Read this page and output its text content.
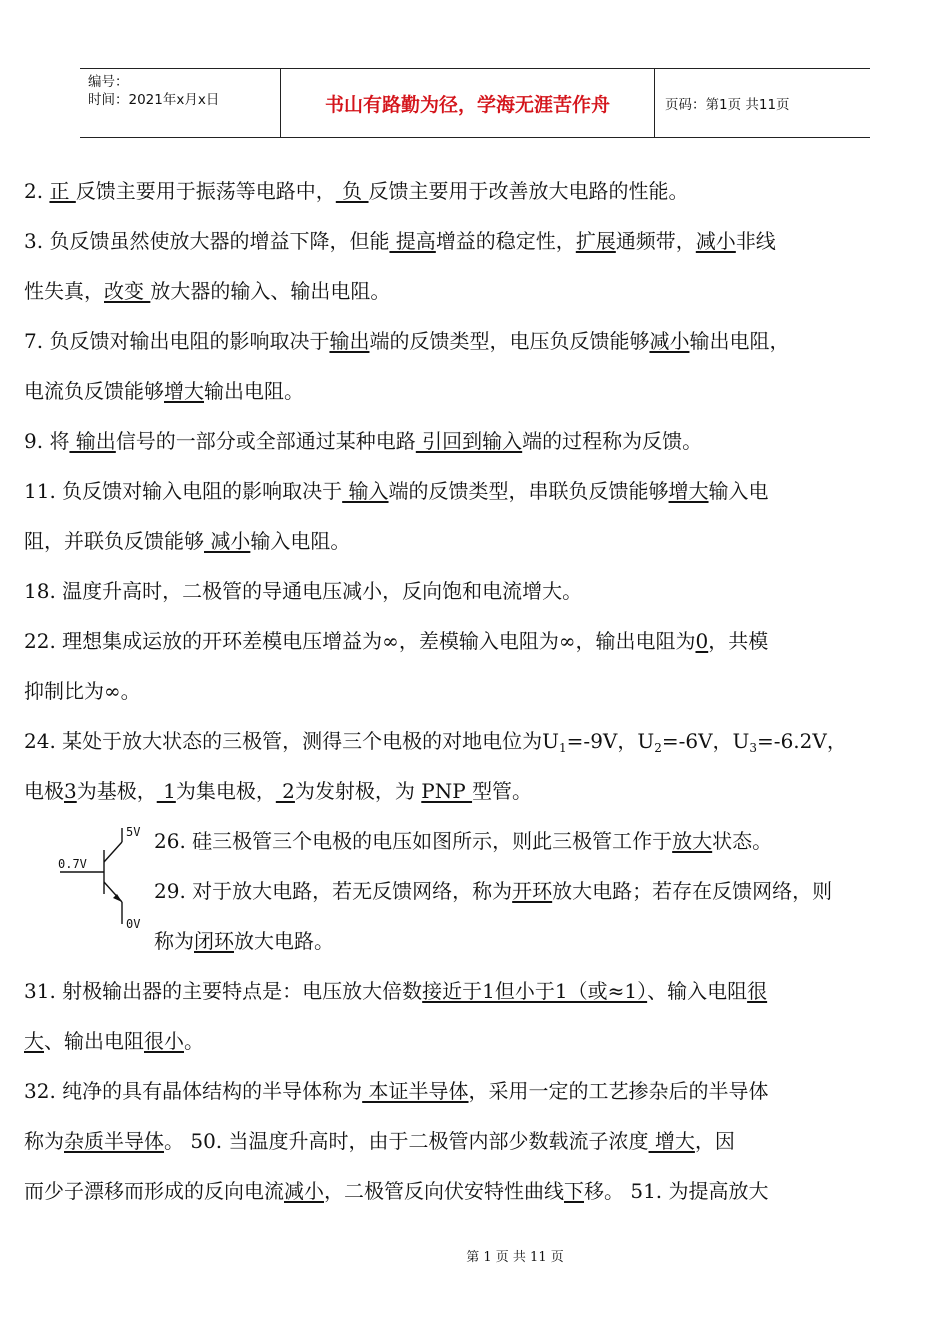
编号：
时间：2021年x月x日	书山有路勤为径，学海无涯苦作舟	页码：第1页 共11页
2. 正 反馈主要用于振荡等电路中， 负 反馈主要用于改善放大电路的性能。
3. 负反馈虽然使放大器的增益下降，但能 提高增益的稳定性，扩展通频带，减小非线
性失真，改变 放大器的输入、输出电阻。
7. 负反馈对输出电阻的影响取决于输出端的反馈类型，电压负反馈能够减小输出电阻，
电流负反馈能够增大输出电阻。
9. 将 输出信号的一部分或全部通过某种电路 引回到输入端的过程称为反馈。
11. 负反馈对输入电阻的影响取决于 输入端的反馈类型，串联负反馈能够增大输入电
阻，并联负反馈能够 减小输入电阻。
18. 温度升高时，二极管的导通电压减小，反向饱和电流增大。
22. 理想集成运放的开环差模电压增益为∞，差模输入电阻为∞，输出电阻为0，共模
抑制比为∞。
24. 某处于放大状态的三极管，测得三个电极的对地电位为$U_1=-9V$，$U_2=-6V$，$U_3=-6.2V$，
电极3为基极， 1为集电极， 2为发射极，为 PNP 型管。
26. 硅三极管三个电极的电压如图所示，则此三极管工作于放大状态。
29. 对于放大电路，若无反馈网络，称为开环放大电路；若存在反馈网络，则
称为闭环放大电路。
31. 射极输出器的主要特点是：电压放大倍数接近于1但小于1（或≈1）、输入电阻很
大、输出电阻很小。
32. 纯净的具有晶体结构的半导体称为 本证半导体，采用一定的工艺掺杂后的半导体
称为杂质半导体。 50. 当温度升高时，由于二极管内部少数载流子浓度 增大，因
而少子漂移而形成的反向电流减小，二极管反向伏安特性曲线下移。 51. 为提高放大
5V
0.7V
0V
第 1 页 共 11 页
